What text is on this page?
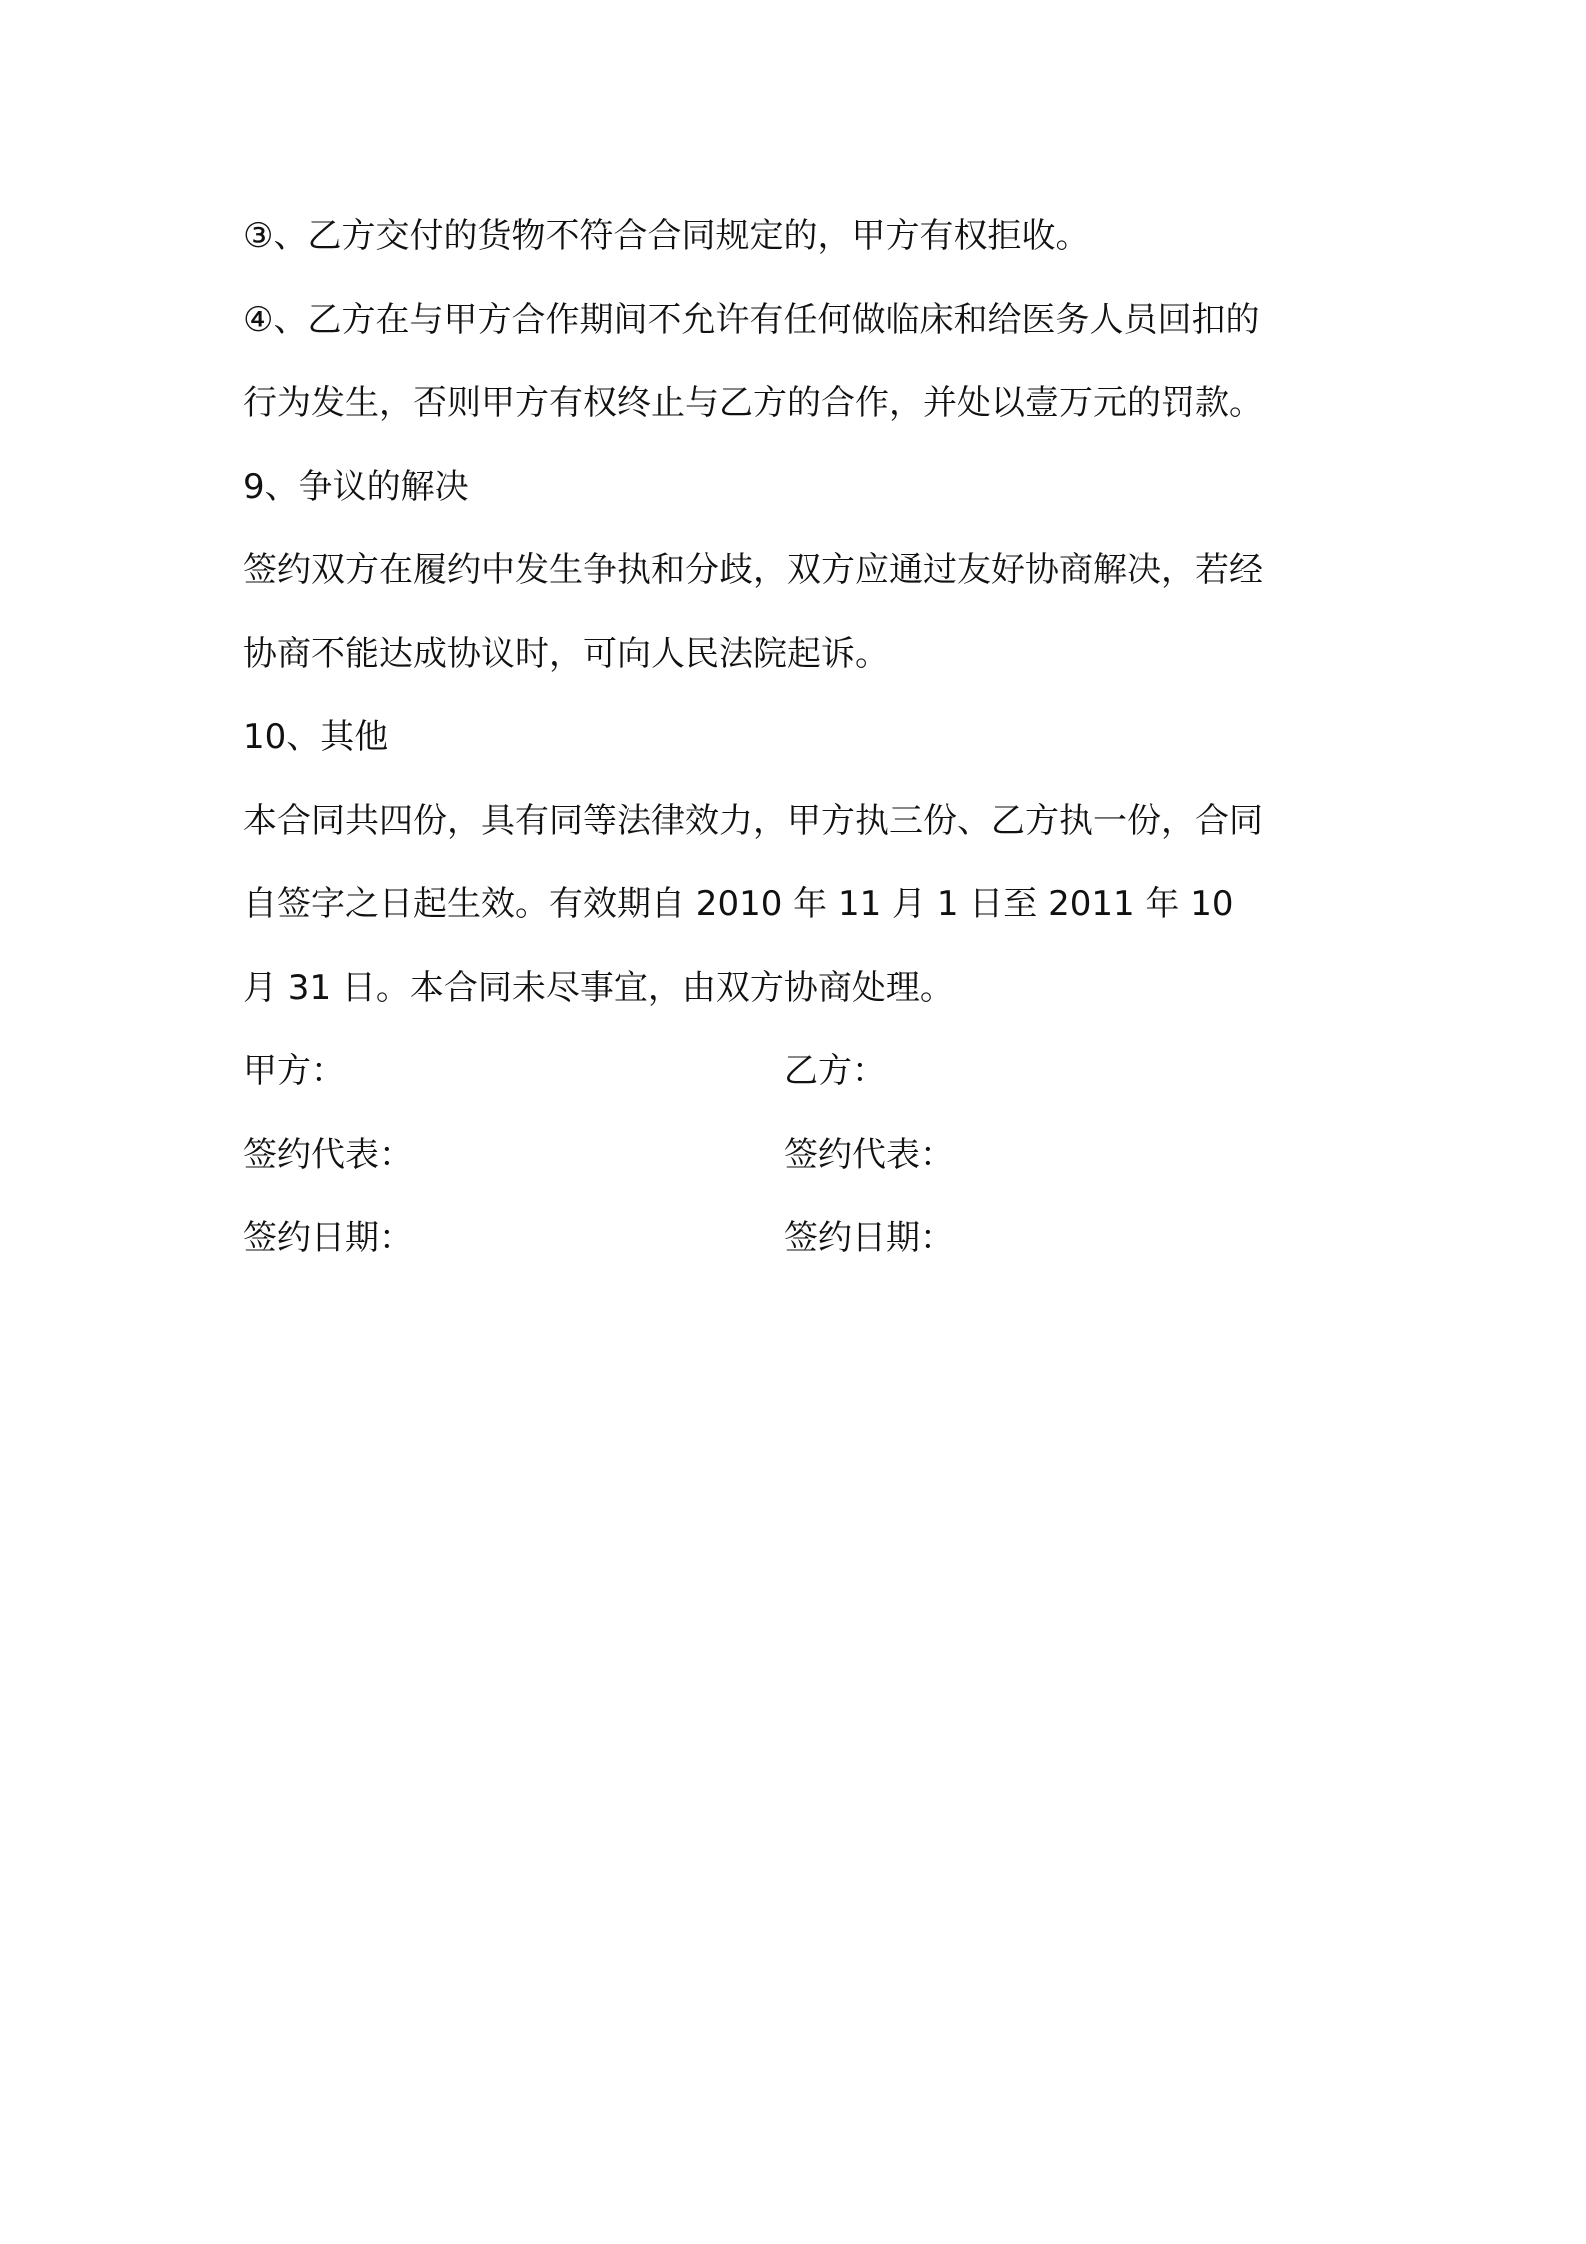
③、乙方交付的货物不符合合同规定的，甲方有权拒收。
④、乙方在与甲方合作期间不允许有任何做临床和给医务人员回扣的
行为发生，否则甲方有权终止与乙方的合作，并处以壹万元的罚款。
9、争议的解决
签约双方在履约中发生争执和分歧，双方应通过友好协商解决，若经
协商不能达成协议时，可向人民法院起诉。
10、其他
本合同共四份，具有同等法律效力，甲方执三份、乙方执一份，合同
自签字之日起生效。有效期自 2010 年 11 月 1 日至 2011 年 10
月 31 日。本合同未尽事宜，由双方协商处理。
甲方：	乙方：
签约代表：	签约代表：
签约日期：	签约日期：
